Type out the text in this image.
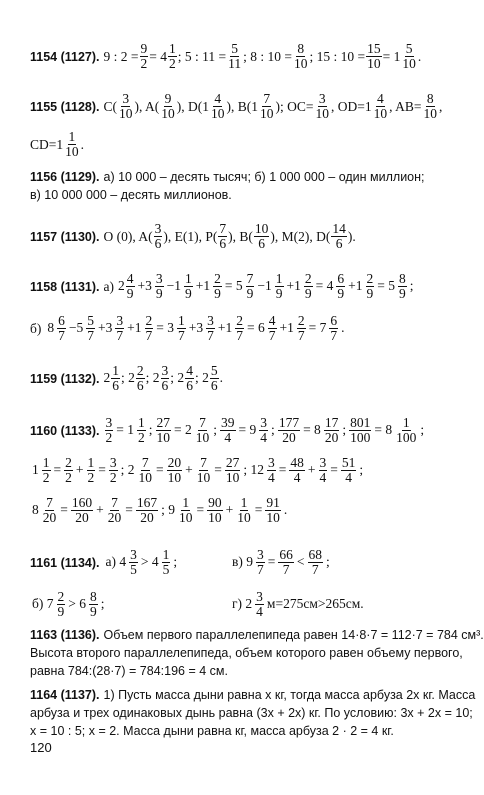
1154 (1127). 9 : $2 = \frac{9}{2} = 4 \frac{1}{2}$ ; 5 : $11 = \frac{5}{11}$ ; 8 : $10 = \frac{8}{10}$ ; 15 : $10 = \frac{15}{10} = 1 \frac{5}{10}$ .
1155 (1128). $C( \frac{3}{10}$ ), $A( \frac{9}{10}$ ), $D(1 \frac{4}{10}$ ), $B(1 \frac{7}{10}$ ); $OC= \frac{3}{10}$ , $OD=1 \frac{4}{10}$ , $AB= \frac{8}{10}$ ,
$CD=1 \frac{1}{10}$ .
1156 (1129). а) 10 000 – десять тысяч; б) 1 000 000 – один миллион;
в) 10 000 000 – десять миллионов.
1157 (1130). O (0), $A( \frac{3}{6}$ ), E(1), $P( \frac{7}{6}$ ), $B( \frac{10}{6}$ ), M(2), $D( \frac{14}{6}$ ).
1158 (1131). а) $2 \frac{4}{9} +3 \frac{3}{9} -1 \frac{1}{9} +1 \frac{2}{9} = 5 \frac{7}{9} -1 \frac{1}{9} +1 \frac{2}{9} = 4 \frac{6}{9} +1 \frac{2}{9} = 5 \frac{8}{9}$ ;
б) $8 \frac{6}{7} -5 \frac{5}{7} +3 \frac{3}{7} +1 \frac{2}{7} = 3 \frac{1}{7} +3 \frac{3}{7} +1 \frac{2}{7} = 6 \frac{4}{7} +1 \frac{2}{7} = 7 \frac{6}{7}$ .
1159 (1132). $2 \frac{1}{6}$ ; $2 \frac{2}{6}$ ; $2 \frac{3}{6}$ ; $2 \frac{4}{6}$ ; $2 \frac{5}{6}$ .
1160 (1133). $\frac{3}{2} = 1 \frac{1}{2}$ ; $\frac{27}{10} = 2 \frac{7}{10}$ ; $\frac{39}{4} = 9 \frac{3}{4}$ ; $\frac{177}{20} = 8 \frac{17}{20}$ ; $\frac{801}{100} = 8 \frac{1}{100}$ ;
$1 \frac{1}{2} = \frac{2}{2} + \frac{1}{2} = \frac{3}{2}$ ; $2 \frac{7}{10} = \frac{20}{10} + \frac{7}{10} = \frac{27}{10}$ ; $12 \frac{3}{4} = \frac{48}{4} + \frac{3}{4} = \frac{51}{4}$ ;
$8 \frac{7}{20} = \frac{160}{20} + \frac{7}{20} = \frac{167}{20}$ ; $9 \frac{1}{10} = \frac{90}{10} + \frac{1}{10} = \frac{91}{10}$ .
1161 (1134). а) $4 \frac{3}{5} > 4 \frac{1}{5}$ ;	в) $9 \frac{3}{7} = \frac{66}{7} < \frac{68}{7}$ ;
б) $7 \frac{2}{9} > 6 \frac{8}{9}$ ;	г) $2 \frac{3}{4} м=275см>265см$.
1163 (1136). Объем первого параллелепипеда равен 14·8·7 = 112·7 = 784 см³.
Высота второго параллелепипеда, объем которого равен объему первого,
равна 784:(28·7) = 784:196 = 4 см.
1164 (1137). 1) Пусть масса дыни равна х кг, тогда масса арбуза 2х кг. Масса
арбуза и трех одинаковых дынь равна (3х + 2х) кг. По условию: 3х + 2х = 10;
х = 10 : 5; х = 2. Масса дыни равна кг, масса арбуза 2 · 2 = 4 кг.
120
